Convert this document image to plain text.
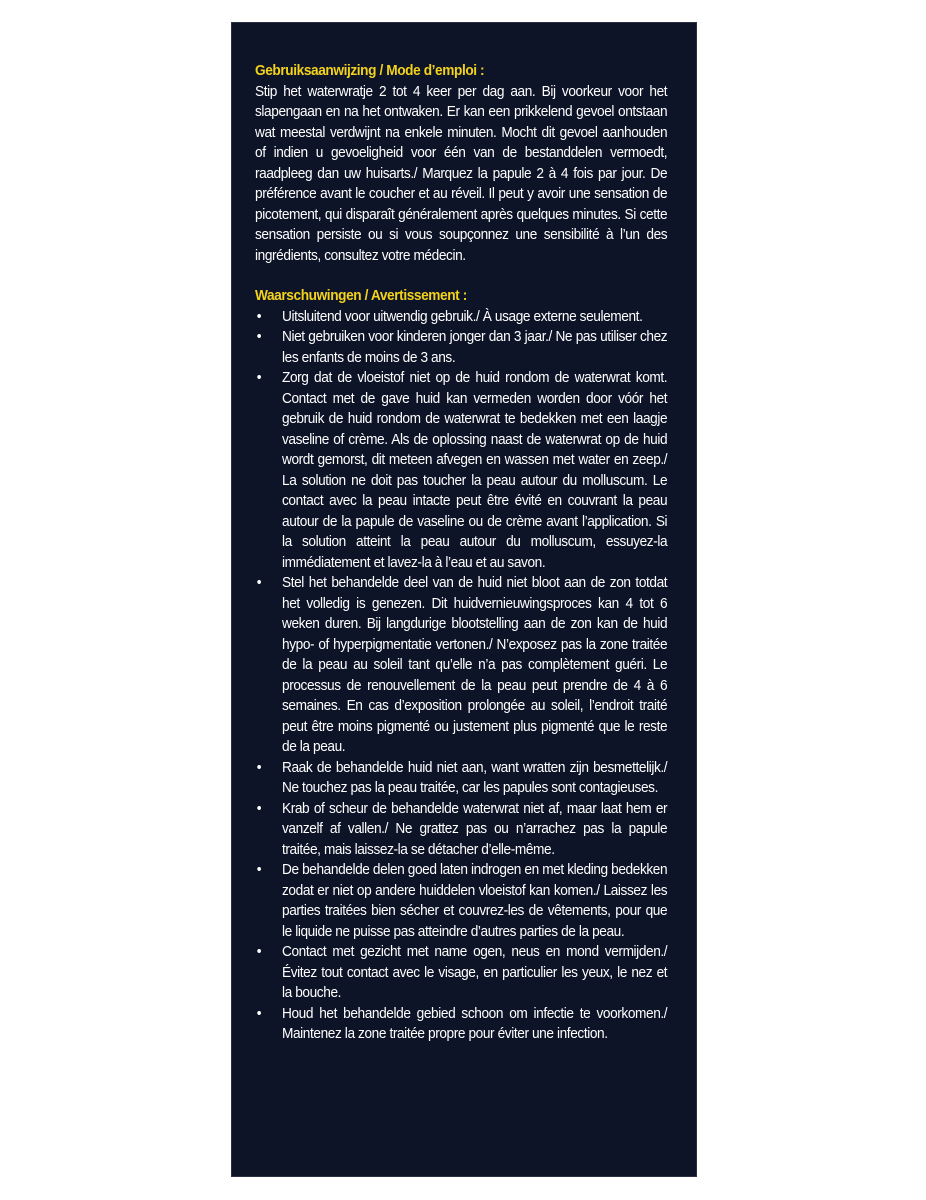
Gebruiksaanwijzing / Mode d’emploi :

Stip het waterwratje 2 tot 4 keer per dag aan. Bij voorkeur voor het slapengaan en na het ontwaken. Er kan een prikkelend gevoel ontstaan wat meestal verdwijnt na enkele minuten. Mocht dit gevoel aanhouden of indien u gevoeligheid voor één van de bestanddelen vermoedt, raadpleeg dan uw huisarts./ Marquez la papule 2 à 4 fois par jour. De préférence avant le coucher et au réveil. Il peut y avoir une sensation de picotement, qui disparaît généralement après quelques minutes. Si cette sensation persiste ou si vous soupçonnez une sensibilité à l’un des ingrédients, consultez votre médecin.

Waarschuwingen / Avertissement :

• Uitsluitend voor uitwendig gebruik./ À usage externe seulement.
• Niet gebruiken voor kinderen jonger dan 3 jaar./ Ne pas utiliser chez les enfants de moins de 3 ans.
• Zorg dat de vloeistof niet op de huid rondom de waterwrat komt. Contact met de gave huid kan vermeden worden door vóór het gebruik de huid rondom de waterwrat te bedekken met een laagje vaseline of crème. Als de oplossing naast de waterwrat op de huid wordt gemorst, dit meteen afvegen en wassen met water en zeep./ La solution ne doit pas toucher la peau autour du molluscum. Le contact avec la peau intacte peut être évité en couvrant la peau autour de la papule de vaseline ou de crème avant l’application. Si la solution atteint la peau autour du molluscum, essuyez-la immédiatement et lavez-la à l’eau et au savon.
• Stel het behandelde deel van de huid niet bloot aan de zon totdat het volledig is genezen. Dit huidvernieuwingsproces kan 4 tot 6 weken duren. Bij langdurige blootstelling aan de zon kan de huid hypo- of hyperpigmentatie vertonen./ N’exposez pas la zone traitée de la peau au soleil tant qu’elle n’a pas complètement guéri. Le processus de renouvellement de la peau peut prendre de 4 à 6 semaines. En cas d’exposition prolongée au soleil, l’endroit traité peut être moins pigmenté ou justement plus pigmenté que le reste de la peau.
• Raak de behandelde huid niet aan, want wratten zijn besmettelijk./ Ne touchez pas la peau traitée, car les papules sont contagieuses.
• Krab of scheur de behandelde waterwrat niet af, maar laat hem er vanzelf af vallen./ Ne grattez pas ou n’arrachez pas la papule traitée, mais laissez-la se détacher d’elle-même.
• De behandelde delen goed laten indrogen en met kleding bedekken zodat er niet op andere huiddelen vloeistof kan komen./ Laissez les parties traitées bien sécher et couvrez-les de vêtements, pour que le liquide ne puisse pas atteindre d’autres parties de la peau.
• Contact met gezicht met name ogen, neus en mond vermijden./ Évitez tout contact avec le visage, en particulier les yeux, le nez et la bouche.
• Houd het behandelde gebied schoon om infectie te voorkomen./ Maintenez la zone traitée propre pour éviter une infection.
